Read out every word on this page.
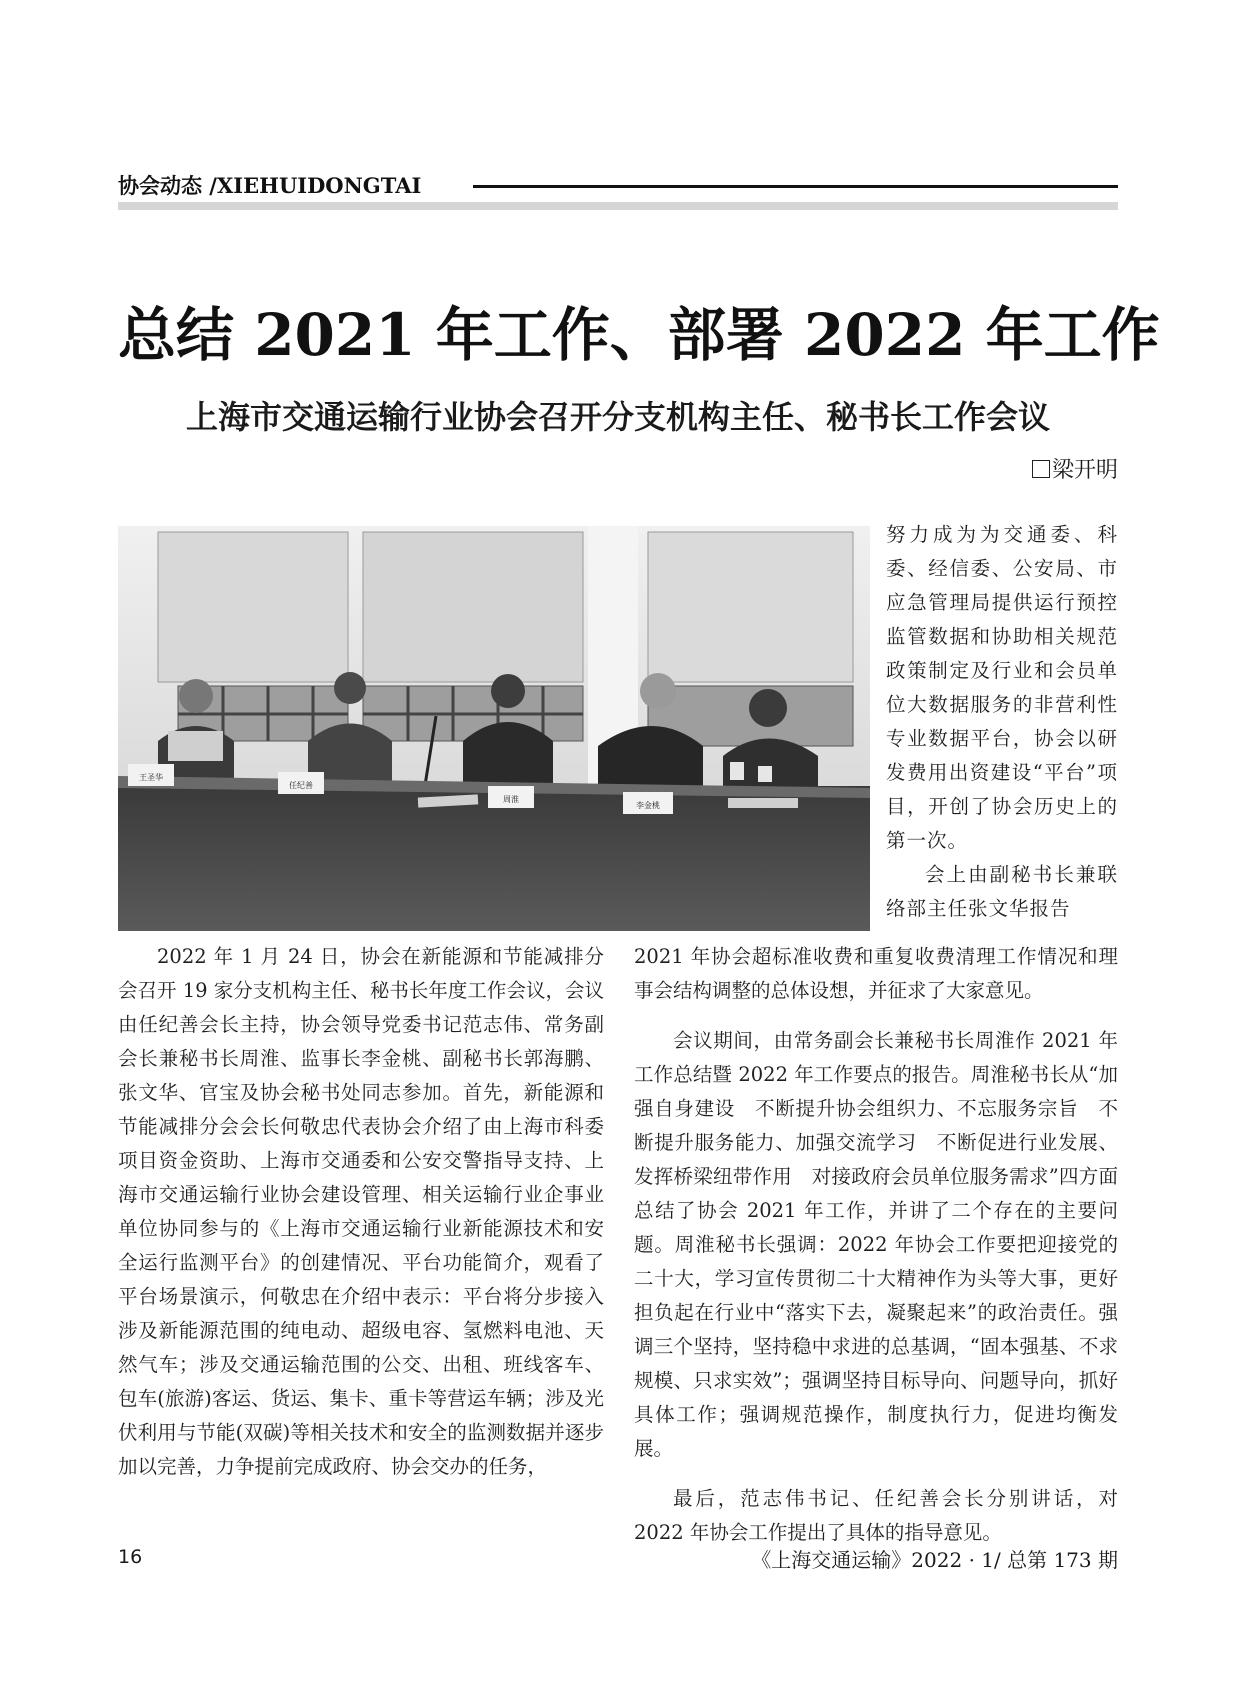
协会动态 /XIEHUIDONGTAI
总结 2021 年工作、部署 2022 年工作
上海市交通运输行业协会召开分支机构主任、秘书长工作会议
梁开明
王圣华
任纪善
周淮
李金桃

努力成为为交通委、科委、经信委、公安局、市应急管理局提供运行预控监管数据和协助相关规范政策制定及行业和会员单位大数据服务的非营利性专业数据平台，协会以研发费用出资建设“平台”项目，开创了协会历史上的第一次。

会上由副秘书长兼联络部主任张文华报告

2022 年 1 月 24 日，协会在新能源和节能减排分会召开 19 家分支机构主任、秘书长年度工作会议，会议由任纪善会长主持，协会领导党委书记范志伟、常务副会长兼秘书长周淮、监事长李金桃、副秘书长郭海鹏、张文华、官宝及协会秘书处同志参加。首先，新能源和节能减排分会会长何敬忠代表协会介绍了由上海市科委项目资金资助、上海市交通委和公安交警指导支持、上海市交通运输行业协会建设管理、相关运输行业企事业单位协同参与的《上海市交通运输行业新能源技术和安全运行监测平台》的创建情况、平台功能简介，观看了平台场景演示，何敬忠在介绍中表示：平台将分步接入涉及新能源范围的纯电动、超级电容、氢燃料电池、天然气车；涉及交通运输范围的公交、出租、班线客车、包车(旅游)客运、货运、集卡、重卡等营运车辆；涉及光伏利用与节能(双碳)等相关技术和安全的监测数据并逐步加以完善，力争提前完成政府、协会交办的任务，

2021 年协会超标准收费和重复收费清理工作情况和理事会结构调整的总体设想，并征求了大家意见。

会议期间，由常务副会长兼秘书长周淮作 2021 年工作总结暨 2022 年工作要点的报告。周淮秘书长从“加强自身建设　不断提升协会组织力、不忘服务宗旨　不断提升服务能力、加强交流学习　不断促进行业发展、发挥桥梁纽带作用　对接政府会员单位服务需求”四方面总结了协会 2021 年工作，并讲了二个存在的主要问题。周淮秘书长强调：2022 年协会工作要把迎接党的二十大，学习宣传贯彻二十大精神作为头等大事，更好担负起在行业中“落实下去，凝聚起来”的政治责任。强调三个坚持，坚持稳中求进的总基调，“固本强基、不求规模、只求实效”；强调坚持目标导向、问题导向，抓好具体工作；强调规范操作，制度执行力，促进均衡发展。

最后，范志伟书记、任纪善会长分别讲话，对 2022 年协会工作提出了具体的指导意见。

16	《上海交通运输》2022 · 1/ 总第 173 期
